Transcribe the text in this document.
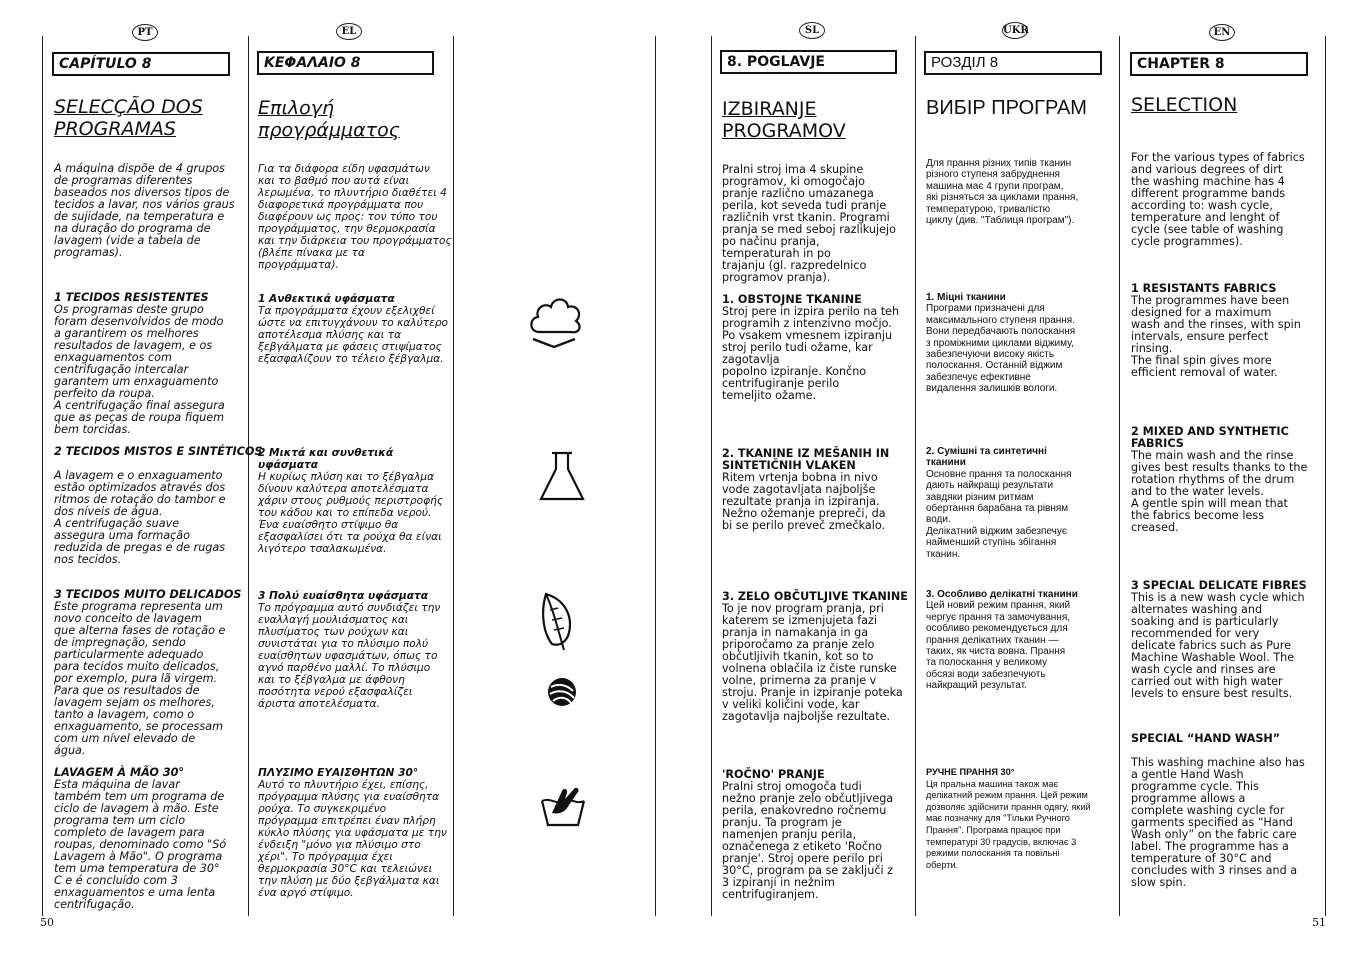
PT	EL	SL	UKR	EN
CAPÍTULO 8
SELECÇÃO DOS
PROGRAMAS
A máquina dispõe de 4 grupos
de programas diferentes
baseados nos diversos tipos de
tecidos a lavar, nos vários graus
de sujidade, na temperatura e
na duração do programa de
lavagem (vide a tabela de
programas).
1 TECIDOS RESISTENTES
Os programas deste grupo
foram desenvolvidos de modo
a garantirem os melhores
resultados de lavagem, e os
enxaguamentos com
centrifugação intercalar
garantem um enxaguamento
perfeito da roupa.
A centrifugação final assegura
que as peças de roupa fiquem
bem torcidas.
2 TECIDOS MISTOS E SINTÉTICOS
A lavagem e o enxaguamento
estão optimizados através dos
ritmos de rotação do tambor e
dos níveis de água.
A centrifugação suave
assegura uma formação
reduzida de pregas e de rugas
nos tecidos.
3 TECIDOS MUITO DELICADOS
Este programa representa um
novo conceito de lavagem
que alterna fases de rotação e
de impregnação, sendo
particularmente adequado
para tecidos muito delicados,
por exemplo, pura lã virgem.
Para que os resultados de
lavagem sejam os melhores,
tanto a lavagem, como o
enxaguamento, se processam
com um nível elevado de
água.
LAVAGEM À MÃO 30°
Esta máquina de lavar
também tem um programa de
ciclo de lavagem à mão. Este
programa tem um ciclo
completo de lavagem para
roupas, denominado como "Só
Lavagem à Mão". O programa
tem uma temperatura de 30°
C e é concluído com 3
enxaguamentos e uma lenta
centrifugação.
ΚΕΦΑΛΑΙΟ 8
Επιλογή
προγράμματος
Για τα διάφορα είδη υφασμάτων
και το βαθμό που αυτά είναι
λερωμένα, το πλυντήριο διαθέτει 4
διαφορετικά προγράμματα που
διαφέρουν ως προς: τον τύπο του
προγράμματος, την θερμοκρασία
και την διάρκεια του προγράμματος
(βλέπε πίνακα με τα
προγράμματα).
1 Ανθεκτικά υφάσματα
Τα προγράμματα έχουν εξελιχθεί
ώστε να επιτυγχάνουν το καλύτερο
αποτέλεσμα πλύσης και τα
ξεβγάλματα με φάσεις στιψίματος
εξασφαλίζουν το τέλειο ξέβγαλμα.
2 Μικτά και συνθετικά
υφάσματα
Η κυρίως πλύση και το ξέβγαλμα
δίνουν καλύτερα αποτελέσματα
χάριν στους ρυθμούς περιστροφής
του κάδου και το επίπεδα νερού.
Ένα ευαίσθητο στίψιμο θα
εξασφαλίσει ότι τα ρούχα θα είναι
λιγότερο τσαλακωμένα.
3 Πολύ ευαίσθητα υφάσματα
Το πρόγραμμα αυτό συνδιάζει την
εναλλαγή μουλιάσματος και
πλυσίματος των ρούχων και
συνιστάται για το πλύσιμο πολύ
ευαίσθητων υφασμάτων, όπως το
αγνό παρθένο μαλλί. Το πλύσιμο
και το ξέβγαλμα με άφθονη
ποσότητα νερού εξασφαλίζει
άριστα αποτελέσματα.
ΠΛΥΣΙΜΟ ΕΥΑΙΣΘΗΤΩΝ 30°
Αυτό το πλυντήριο έχει, επίσης,
πρόγραμμα πλύσης για ευαίσθητα
ρούχα. Το συγκεκριμένο
πρόγραμμα επιτρέπει έναν πλήρη
κύκλο πλύσης για υφάσματα με την
ένδειξη "μόνο για πλύσιμο στο
χέρι". Το πρόγραμμα έχει
θερμοκρασία 30°C και τελειώνει
την πλύση με δύο ξεβγάλματα και
ένα αργό στίψιμο.
8. POGLAVJE
IZBIRANJE
PROGRAMOV
Pralni stroj ima 4 skupine
programov, ki omogočajo
pranje različno umazanega
perila, kot seveda tudi pranje
različnih vrst tkanin. Programi
pranja se med seboj razlikujejo
po načinu pranja,
temperaturah in po
trajanju (gl. razpredelnico
programov pranja).
1. OBSTOJNE TKANINE
Stroj pere in izpira perilo na teh
programih z intenzivno močjo.
Po vsakem vmesnem izpiranju
stroj perilo tudi ožame, kar
zagotavlja
popolno izpiranje. Končno
centrifugiranje perilo
temeljito ožame.
2. TKANINE IZ MEŠANIH IN
SINTETIČNIH VLAKEN
Ritem vrtenja bobna in nivo
vode zagotavljata najboljše
rezultate pranja in izpiranja.
Nežno ožemanje prepreči, da
bi se perilo preveč zmečkalo.
3. ZELO OBČUTLJIVE TKANINE
To je nov program pranja, pri
katerem se izmenjujeta fazi
pranja in namakanja in ga
priporočamo za pranje zelo
občutljivih tkanin, kot so to
volnena oblačila iz čiste runske
volne, primerna za pranje v
stroju. Pranje in izpiranje poteka
v veliki količini vode, kar
zagotavlja najboljše rezultate.
'ROČNO' PRANJE
Pralni stroj omogoča tudi
nežno pranje zelo občutljivega
perila, enakovredno ročnemu
pranju. Ta program je
namenjen pranju perila,
označenega z etiketo 'Ročno
pranje'. Stroj opere perilo pri
30°C, program pa se zaključi z
3 izpiranji in nežnim
centrifugiranjem.
РОЗДІЛ 8
ВИБІР ПРОГРАМ
Для прання різних типів тканин
різного ступеня забруднення
машина має 4 групи програм,
які різняться за циклами прання,
температурою, тривалістю
циклу (див. "Таблиця програм").
1. Міцні тканини
Програми призначені для
максимального ступеня прання.
Вони передбачають полоскання
з проміжними циклами віджиму,
забезпечуючи високу якість
полоскання. Останній віджим
забезпечує ефективне
видалення залишків вологи.
2. Сумішні та синтетичні
тканини
Основне прання та полоскання
дають найкращі результати
завдяки різним ритмам
обертання барабана та рівням
води.
Делікатний віджим забезпечує
найменший ступінь збігання
тканин.
3. Особливо делікатні тканини
Цей новий режим прання, який
чергує прання та замочування,
особливо рекомендується для
прання делікатних тканин —
таких, як чиста вовна. Прання
та полоскання у великому
обсязі води забезпечують
найкращий результат.
РУЧНЕ ПРАННЯ 30°
Ця пральна машина також має
делікатний режим прання. Цей режим
дозволяє здійснити прання одягу, який
має позначку для "Тільки Ручного
Прання". Програма працює при
температурі 30 градусів, включає 3
режими полоскання та повільні
оберти.
CHAPTER 8
SELECTION
For the various types of fabrics
and various degrees of dirt
the washing machine has 4
different programme bands
according to: wash cycle,
temperature and lenght of
cycle (see table of washing
cycle programmes).
1 RESISTANTS FABRICS
The programmes have been
designed for a maximum
wash and the rinses, with spin
intervals, ensure perfect
rinsing.
The final spin gives more
efficient removal of water.
2 MIXED AND SYNTHETIC
FABRICS
The main wash and the rinse
gives best results thanks to the
rotation rhythms of the drum
and to the water levels.
A gentle spin will mean that
the fabrics become less
creased.
3 SPECIAL DELICATE FIBRES
This is a new wash cycle which
alternates washing and
soaking and is particularly
recommended for very
delicate fabrics such as Pure
Machine Washable Wool. The
wash cycle and rinses are
carried out with high water
levels to ensure best results.
SPECIAL “HAND WASH”
This washing machine also has
a gentle Hand Wash
programme cycle. This
programme allows a
complete washing cycle for
garments specified as “Hand
Wash only” on the fabric care
label. The programme has a
temperature of 30°C and
concludes with 3 rinses and a
slow spin.
50	51
